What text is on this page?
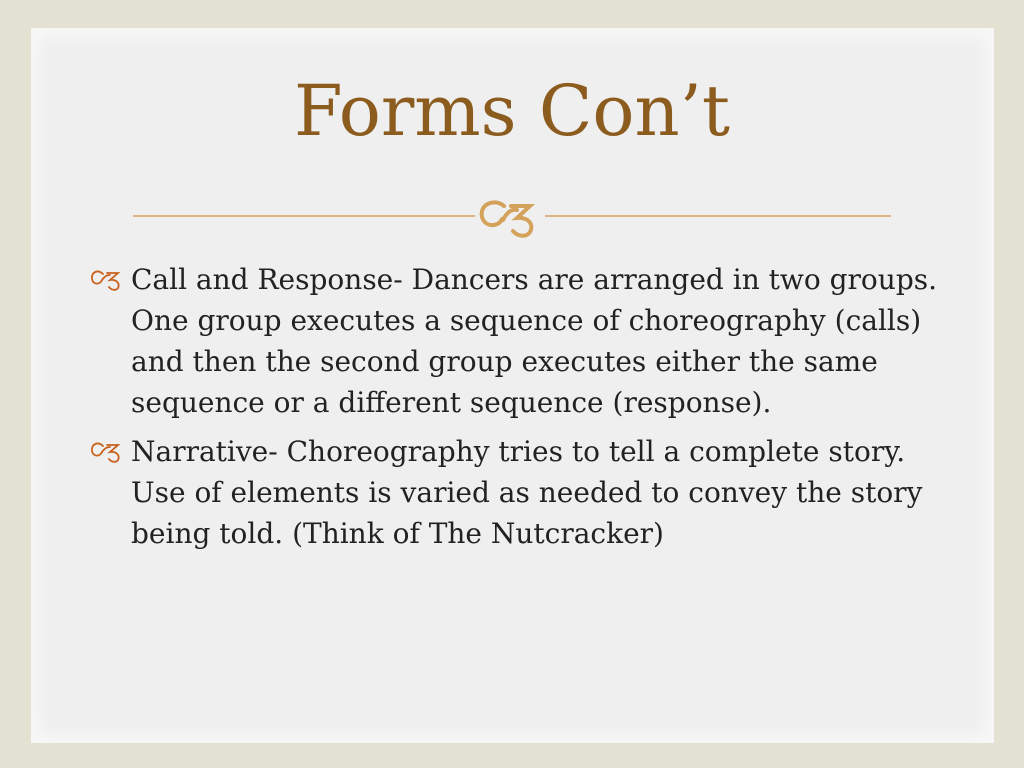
Forms Con’t
Call and Response- Dancers are arranged in two groups. One group executes a sequence of choreography (calls) and then the second group executes either the same sequence or a different sequence (response).
Narrative- Choreography tries to tell a complete story. Use of elements is varied as needed to convey the story being told. (Think of The Nutcracker)
